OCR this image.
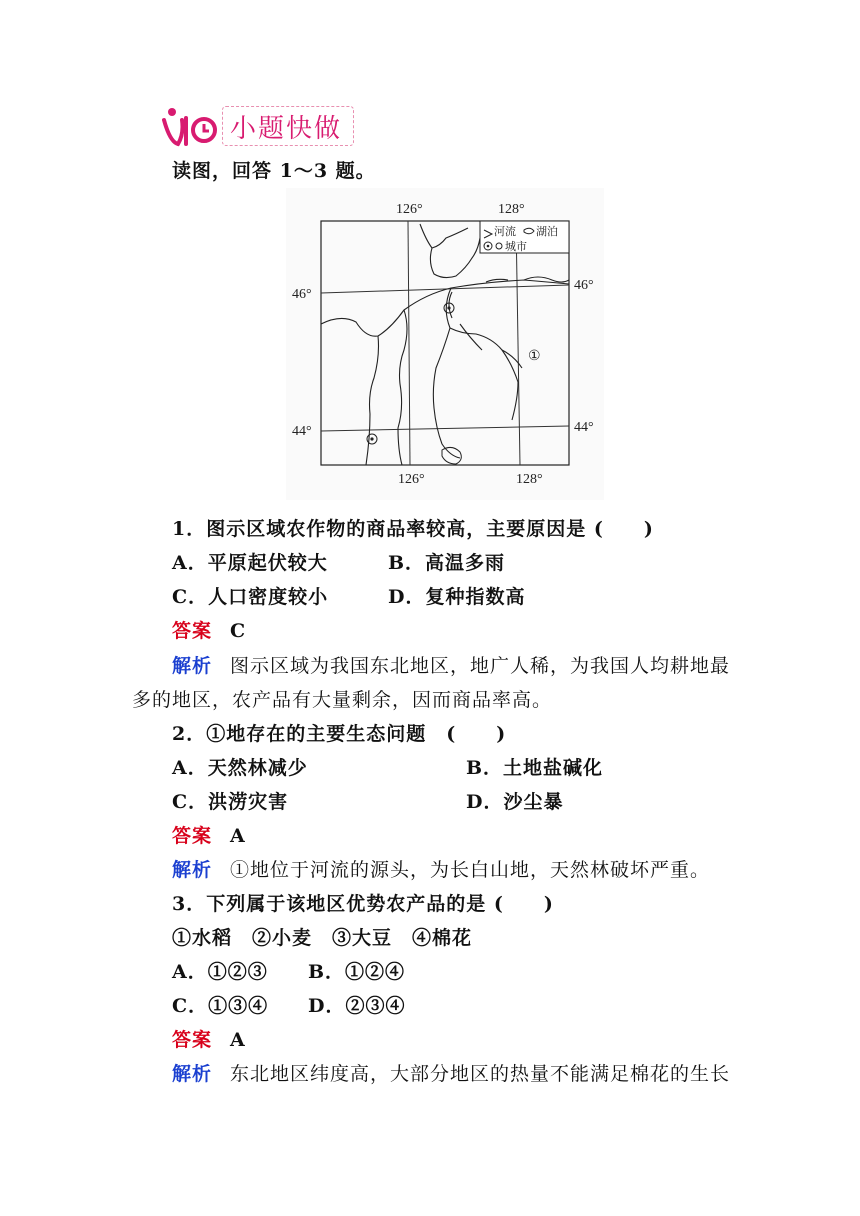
小题快做
读图，回答 1～3 题。
①
河流 湖泊
城市
126°	128°
126°	128°
46°
46°
44°	44°
1．图示区域农作物的商品率较高，主要原因是 (　　)
A．平原起伏较大	B．高温多雨
C．人口密度较小	D．复种指数高
答案 C
解析 图示区域为我国东北地区，地广人稀，为我国人均耕地最
多的地区，农产品有大量剩余，因而商品率高。
2．①地存在的主要生态问题　(　　)
A．天然林减少	B．土地盐碱化
C．洪涝灾害	D．沙尘暴
答案 A
解析 ①地位于河流的源头，为长白山地，天然林破坏严重。
3．下列属于该地区优势农产品的是 (　　)
①水稻　②小麦　③大豆　④棉花
A．①②③ B．①②④
C．①③④ D．②③④
答案 A
解析 东北地区纬度高，大部分地区的热量不能满足棉花的生长
